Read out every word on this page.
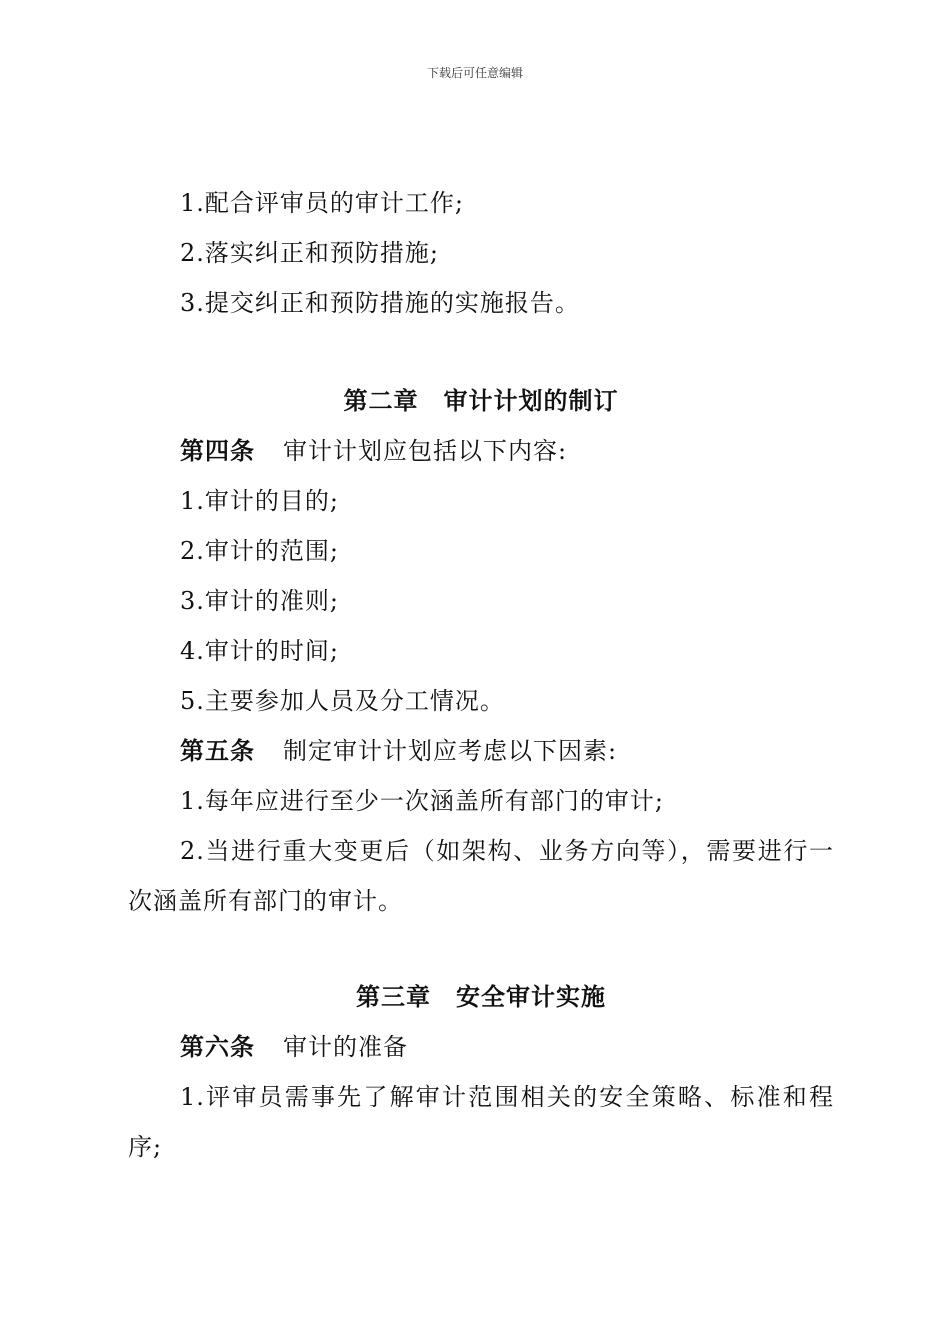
下载后可任意编辑

1.配合评审员的审计工作;

2.落实纠正和预防措施;

3.提交纠正和预防措施的实施报告。

第二章　审计计划的制订

第四条 审计计划应包括以下内容:

1.审计的目的;

2.审计的范围;

3.审计的准则;

4.审计的时间;

5.主要参加人员及分工情况。

第五条 制定审计计划应考虑以下因素:

1.每年应进行至少一次涵盖所有部门的审计;

2.当进行重大变更后（如架构、业务方向等），需要进行一次涵盖所有部门的审计。

第三章　安全审计实施

第六条 审计的准备

1.评审员需事先了解审计范围相关的安全策略、标准和程序;
